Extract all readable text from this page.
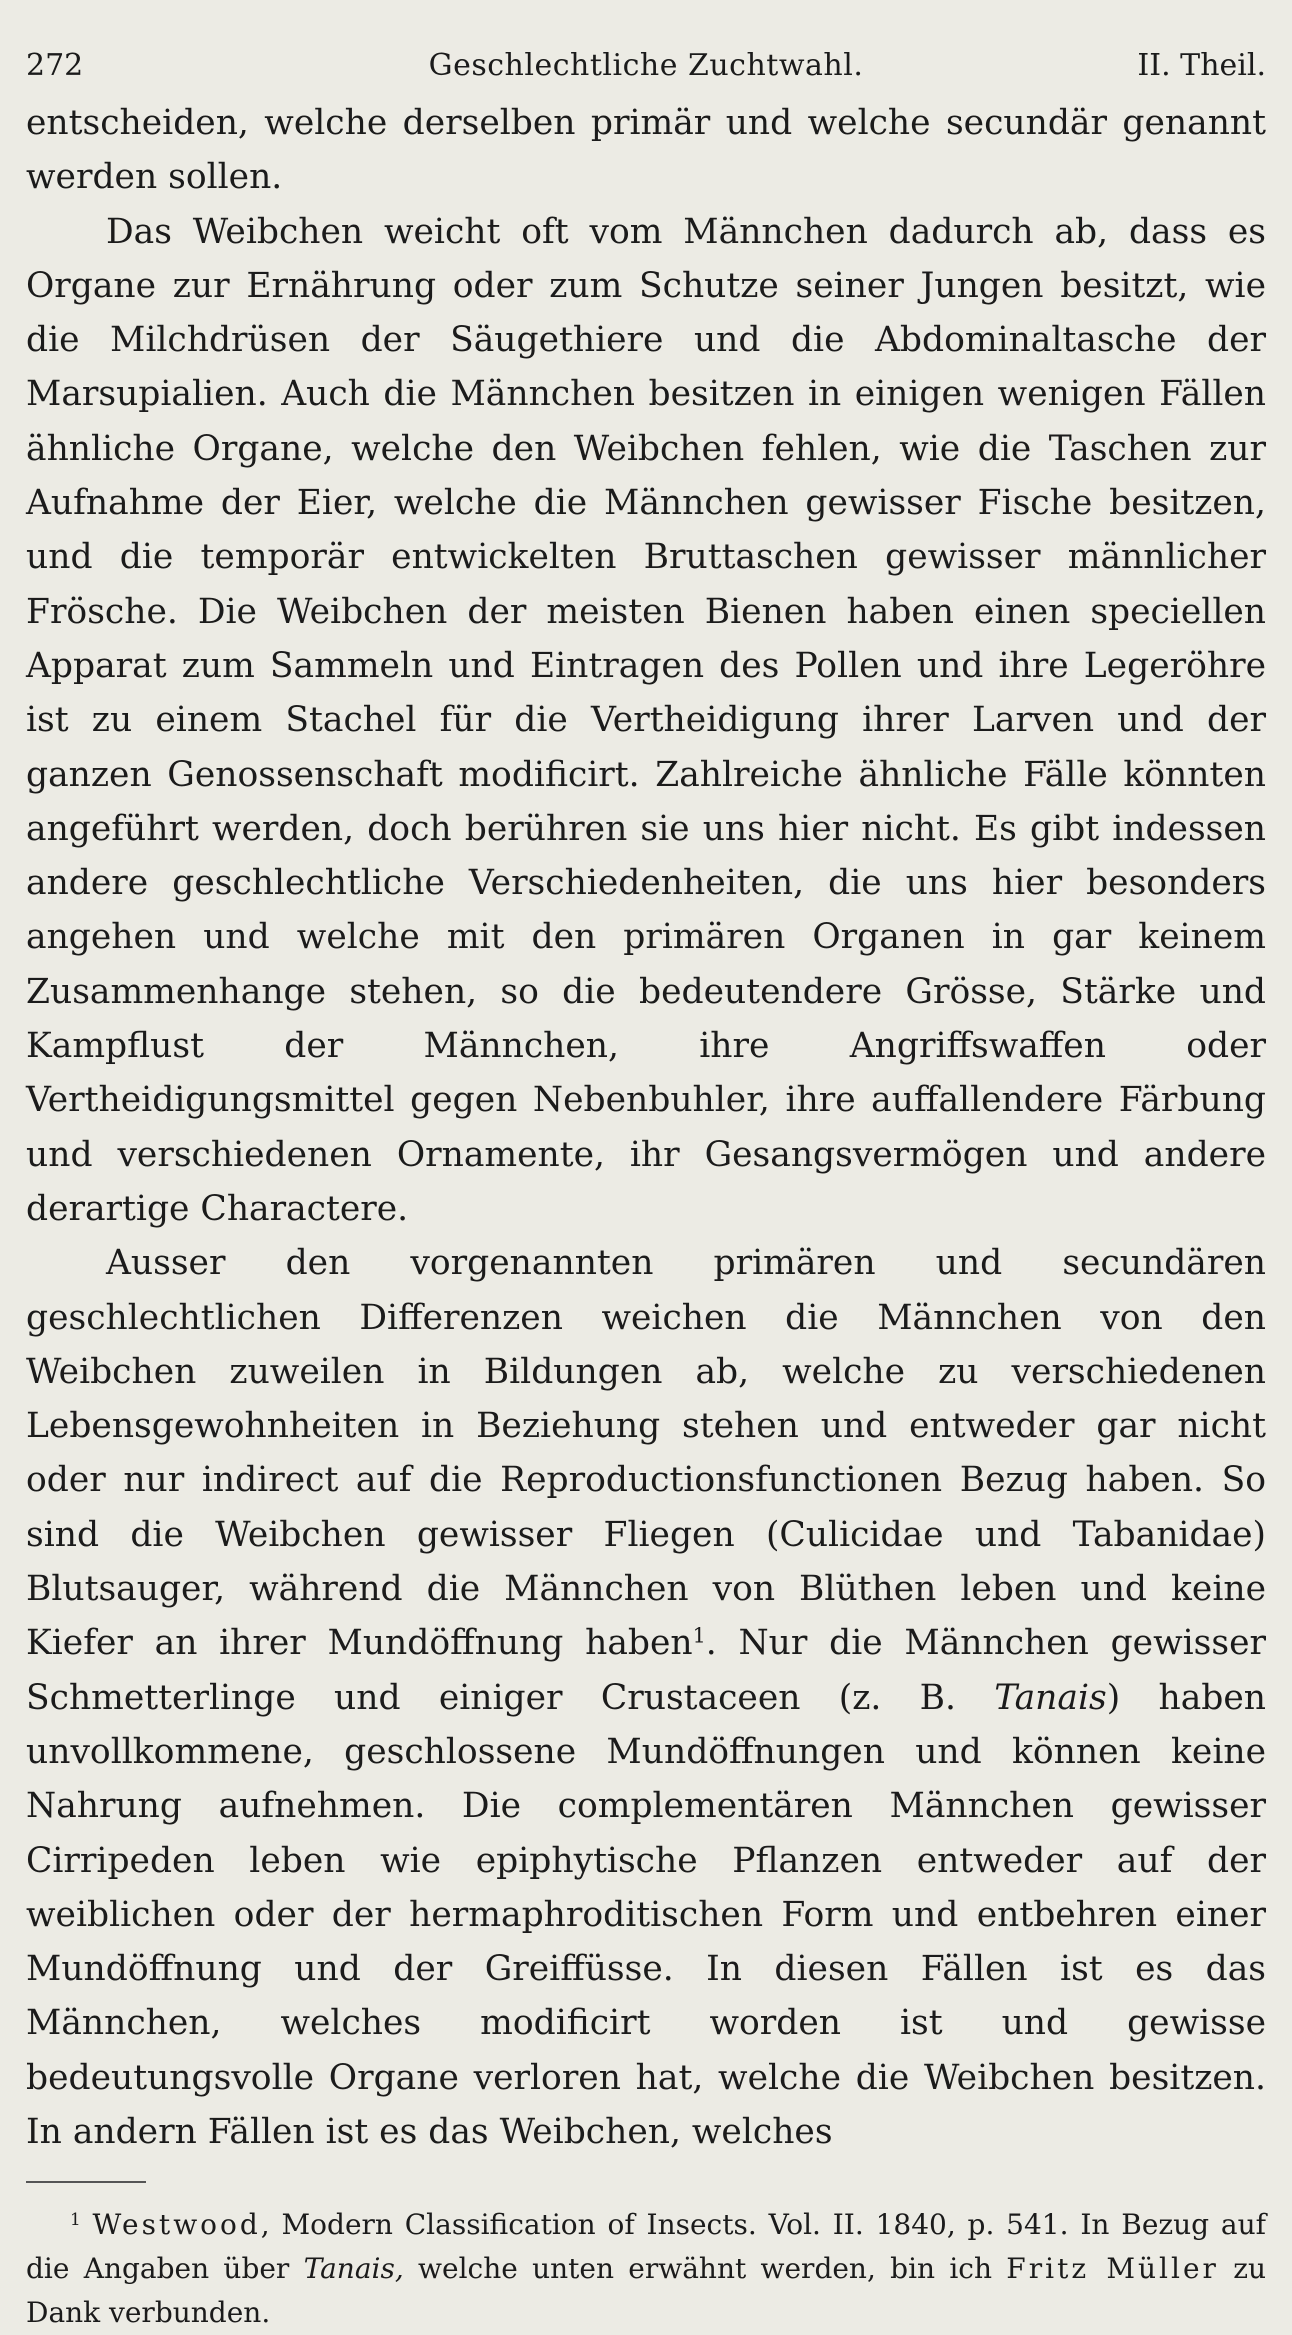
272	Geschlechtliche Zuchtwahl.	II. Theil.

entscheiden, welche derselben primär und welche secundär genannt werden sollen.

Das Weibchen weicht oft vom Männchen dadurch ab, dass es Organe zur Ernährung oder zum Schutze seiner Jungen besitzt, wie die Milchdrüsen der Säugethiere und die Abdominaltasche der Marsupialien. Auch die Männchen besitzen in einigen wenigen Fällen ähnliche Organe, welche den Weibchen fehlen, wie die Taschen zur Aufnahme der Eier, welche die Männchen gewisser Fische besitzen, und die temporär entwickelten Bruttaschen gewisser männlicher Frösche. Die Weibchen der meisten Bienen haben einen speciellen Apparat zum Sammeln und Eintragen des Pollen und ihre Legeröhre ist zu einem Stachel für die Vertheidigung ihrer Larven und der ganzen Genossenschaft modificirt. Zahlreiche ähnliche Fälle könnten angeführt werden, doch berühren sie uns hier nicht. Es gibt indessen andere geschlechtliche Verschiedenheiten, die uns hier besonders angehen und welche mit den primären Organen in gar keinem Zusammenhange stehen, so die bedeutendere Grösse, Stärke und Kampflust der Männchen, ihre Angriffswaffen oder Vertheidigungsmittel gegen Nebenbuhler, ihre auffallendere Färbung und verschiedenen Ornamente, ihr Gesangsvermögen und andere derartige Charactere.

Ausser den vorgenannten primären und secundären geschlechtlichen Differenzen weichen die Männchen von den Weibchen zuweilen in Bildungen ab, welche zu verschiedenen Lebensgewohnheiten in Beziehung stehen und entweder gar nicht oder nur indirect auf die Reproductionsfunctionen Bezug haben. So sind die Weibchen gewisser Fliegen (Culicidae und Tabanidae) Blutsauger, während die Männchen von Blüthen leben und keine Kiefer an ihrer Mundöffnung haben$^1$. Nur die Männchen gewisser Schmetterlinge und einiger Crustaceen (z. B. Tanais) haben unvollkommene, geschlossene Mundöffnungen und können keine Nahrung aufnehmen. Die complementären Männchen gewisser Cirripeden leben wie epiphytische Pflanzen entweder auf der weiblichen oder der hermaphroditischen Form und entbehren einer Mundöffnung und der Greiffüsse. In diesen Fällen ist es das Männchen, welches modificirt worden ist und gewisse bedeutungsvolle Organe verloren hat, welche die Weibchen besitzen. In andern Fällen ist es das Weibchen, welches

$^1$ Westwood, Modern Classification of Insects. Vol. II. 1840, p. 541. In Bezug auf die Angaben über Tanais, welche unten erwähnt werden, bin ich Fritz Müller zu Dank verbunden.
